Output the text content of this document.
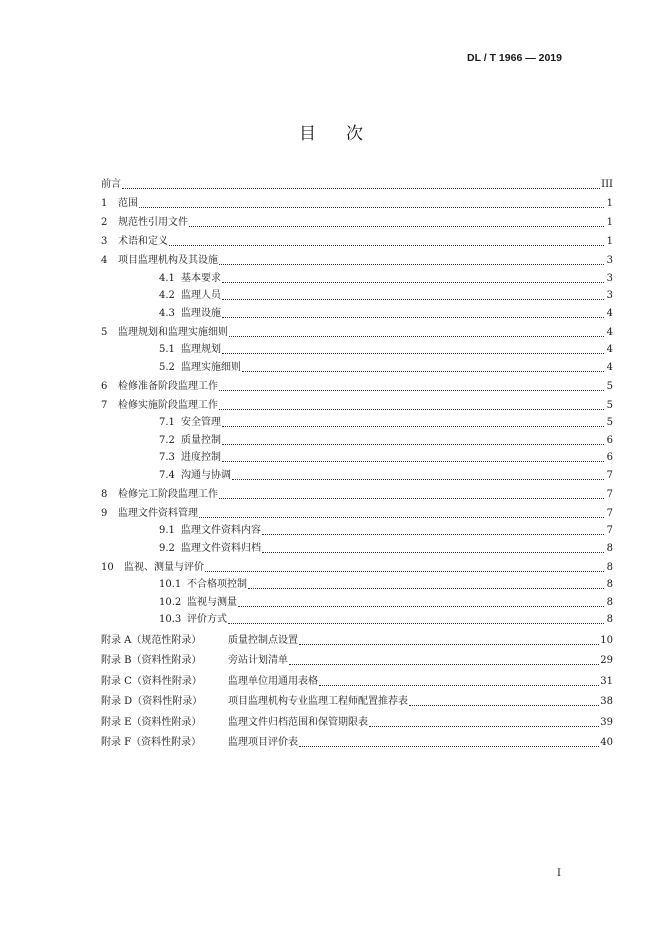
DL / T 1966 — 2019
目次
前言	III
1	范围	1
2	规范性引用文件	1
3	术语和定义	1
4	项目监理机构及其设施	3
4.1 基本要求	3
4.2 监理人员	3
4.3 监理设施	4
5	监理规划和监理实施细则	4
5.1 监理规划	4
5.2 监理实施细则	4
6	检修准备阶段监理工作	5
7	检修实施阶段监理工作	5
7.1 安全管理	5
7.2 质量控制	6
7.3 进度控制	6
7.4 沟通与协调	7
8	检修完工阶段监理工作	7
9	监理文件资料管理	7
9.1 监理文件资料内容	7
9.2 监理文件资料归档	8
10	监视、测量与评价	8
10.1 不合格项控制	8
10.2 监视与测量	8
10.3 评价方式	8
附录 A（规范性附录）	质量控制点设置	10
附录 B（资料性附录）	旁站计划清单	29
附录 C（资料性附录）	监理单位用通用表格	31
附录 D（资料性附录）	项目监理机构专业监理工程师配置推荐表	38
附录 E（资料性附录）	监理文件归档范围和保管期限表	39
附录 F（资料性附录）	监理项目评价表	40
I
